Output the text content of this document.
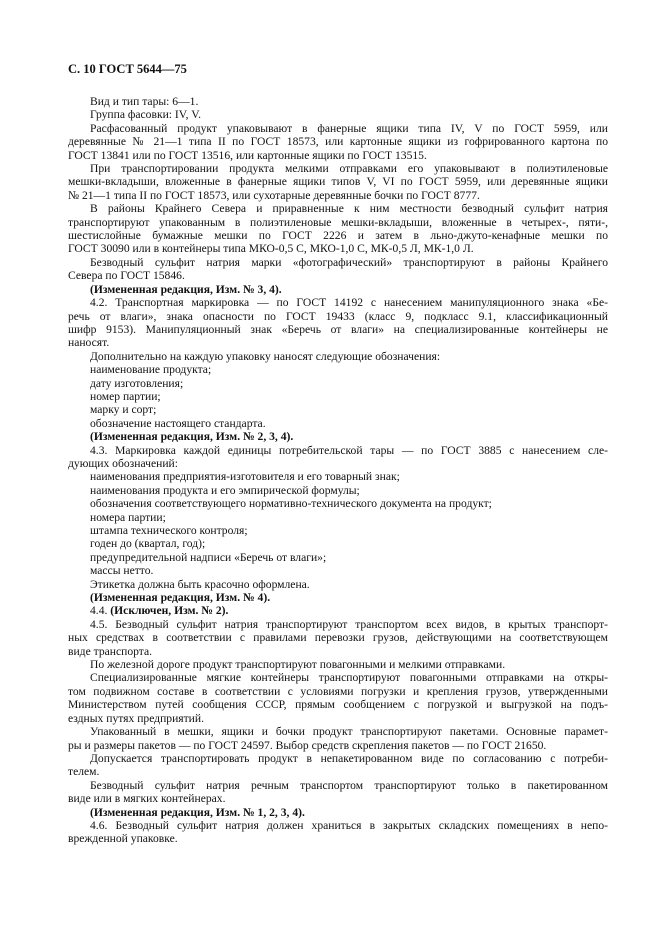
С. 10 ГОСТ 5644—75
Вид и тип тары: 6—1.
Группа фасовки: IV, V.
Расфасованный продукт упаковывают в фанерные ящики типа IV, V по ГОСТ 5959, или
деревянные № 21—1 типа II по ГОСТ 18573, или картонные ящики из гофрированного картона по
ГОСТ 13841 или по ГОСТ 13516, или картонные ящики по ГОСТ 13515.
При транспортировании продукта мелкими отправками его упаковывают в полиэтиленовые
мешки-вкладыши, вложенные в фанерные ящики типов V, VI по ГОСТ 5959, или деревянные ящики
№ 21—1 типа II по ГОСТ 18573, или сухотарные деревянные бочки по ГОСТ 8777.
В районы Крайнего Севера и приравненные к ним местности безводный сульфит натрия
транспортируют упакованным в полиэтиленовые мешки-вкладыши, вложенные в четырех-, пяти-,
шестислойные бумажные мешки по ГОСТ 2226 и затем в льно-джуто-кенафные мешки по
ГОСТ 30090 или в контейнеры типа МКО-0,5 С, МКО-1,0 С, МК-0,5 Л, МК-1,0 Л.
Безводный сульфит натрия марки «фотографический» транспортируют в районы Крайнего
Севера по ГОСТ 15846.
(Измененная редакция, Изм. № 3, 4).
4.2. Транспортная маркировка — по ГОСТ 14192 с нанесением манипуляционного знака «Бе-
речь от влаги», знака опасности по ГОСТ 19433 (класс 9, подкласс 9.1, классификационный
шифр 9153). Манипуляционный знак «Беречь от влаги» на специализированные контейнеры не
наносят.
Дополнительно на каждую упаковку наносят следующие обозначения:
наименование продукта;
дату изготовления;
номер партии;
марку и сорт;
обозначение настоящего стандарта.
(Измененная редакция, Изм. № 2, 3, 4).
4.3. Маркировка каждой единицы потребительской тары — по ГОСТ 3885 с нанесением сле-
дующих обозначений:
наименования предприятия-изготовителя и его товарный знак;
наименования продукта и его эмпирической формулы;
обозначения соответствующего нормативно-технического документа на продукт;
номера партии;
штампа технического контроля;
годен до (квартал, год);
предупредительной надписи «Беречь от влаги»;
массы нетто.
Этикетка должна быть красочно оформлена.
(Измененная редакция, Изм. № 4).
4.4. (Исключен, Изм. № 2).
4.5. Безводный сульфит натрия транспортируют транспортом всех видов, в крытых транспорт-
ных средствах в соответствии с правилами перевозки грузов, действующими на соответствующем
виде транспорта.
По железной дороге продукт транспортируют повагонными и мелкими отправками.
Специализированные мягкие контейнеры транспортируют повагонными отправками на откры-
том подвижном составе в соответствии с условиями погрузки и крепления грузов, утвержденными
Министерством путей сообщения СССР, прямым сообщением с погрузкой и выгрузкой на подъ-
ездных путях предприятий.
Упакованный в мешки, ящики и бочки продукт транспортируют пакетами. Основные парамет-
ры и размеры пакетов — по ГОСТ 24597. Выбор средств скрепления пакетов — по ГОСТ 21650.
Допускается транспортировать продукт в непакетированном виде по согласованию с потреби-
телем.
Безводный сульфит натрия речным транспортом транспортируют только в пакетированном
виде или в мягких контейнерах.
(Измененная редакция, Изм. № 1, 2, 3, 4).
4.6. Безводный сульфит натрия должен храниться в закрытых складских помещениях в непо-
врежденной упаковке.
